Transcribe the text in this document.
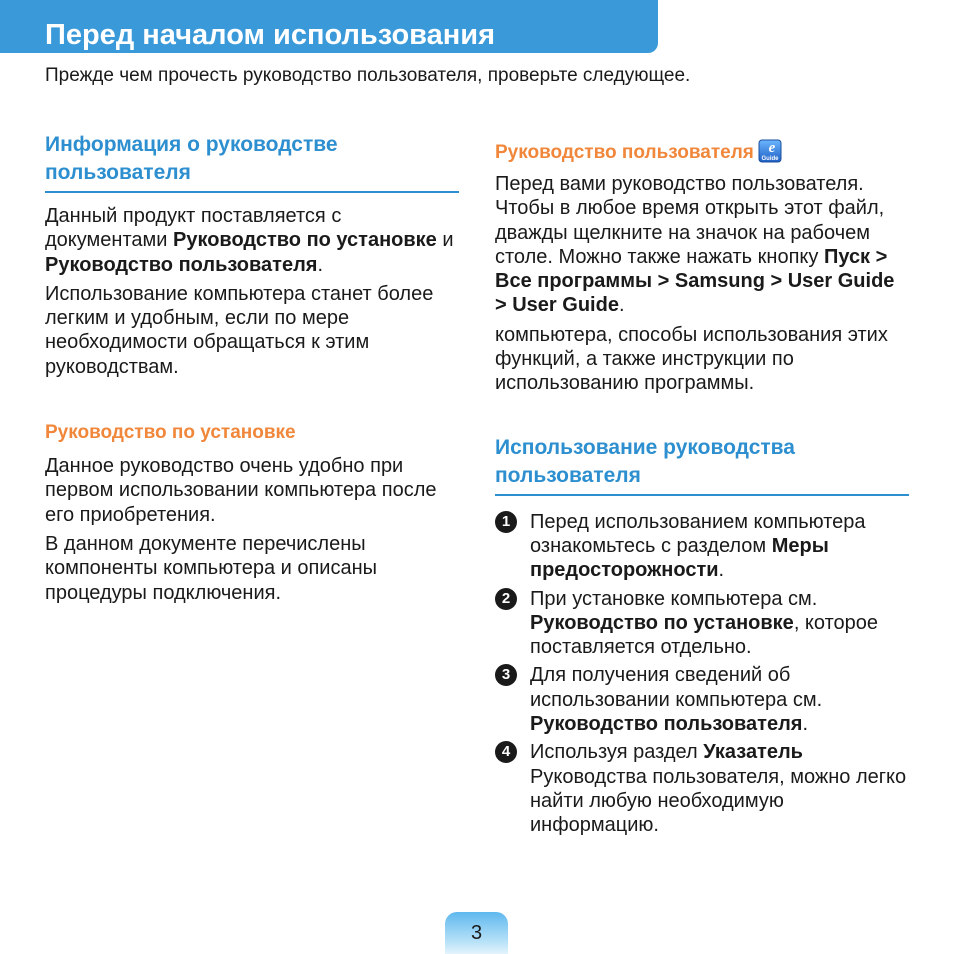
Перед началом использования
Прежде чем прочесть руководство пользователя, проверьте следующее.
Информация о руководстве пользователя

Данный продукт поставляется с документами Руководство по установке и Руководство пользователя.

Использование компьютера станет более легким и удобным, если по мере необходимости обращаться к этим руководствам.

Руководство по установке

Данное руководство очень удобно при первом использовании компьютера после его приобретения.

В данном документе перечислены компоненты компьютера и описаны процедуры подключения.

Руководство пользователя e
Guide

Перед вами руководство пользователя. Чтобы в любое время открыть этот файл, дважды щелкните на значок на рабочем столе. Можно также нажать кнопку Пуск > Все программы > Samsung > User Guide > User Guide.

компьютера, способы использования этих функций, а также инструкции по использованию программы.

Использование руководства пользователя
1 Перед использованием компьютера ознакомьтесь с разделом Меры предосторожности.
2 При установке компьютера см. Руководство по установке, которое поставляется отдельно.
3 Для получения сведений об использовании компьютера см. Руководство пользователя.
4 Используя раздел Указатель Руководства пользователя, можно легко найти любую необходимую информацию.
3
